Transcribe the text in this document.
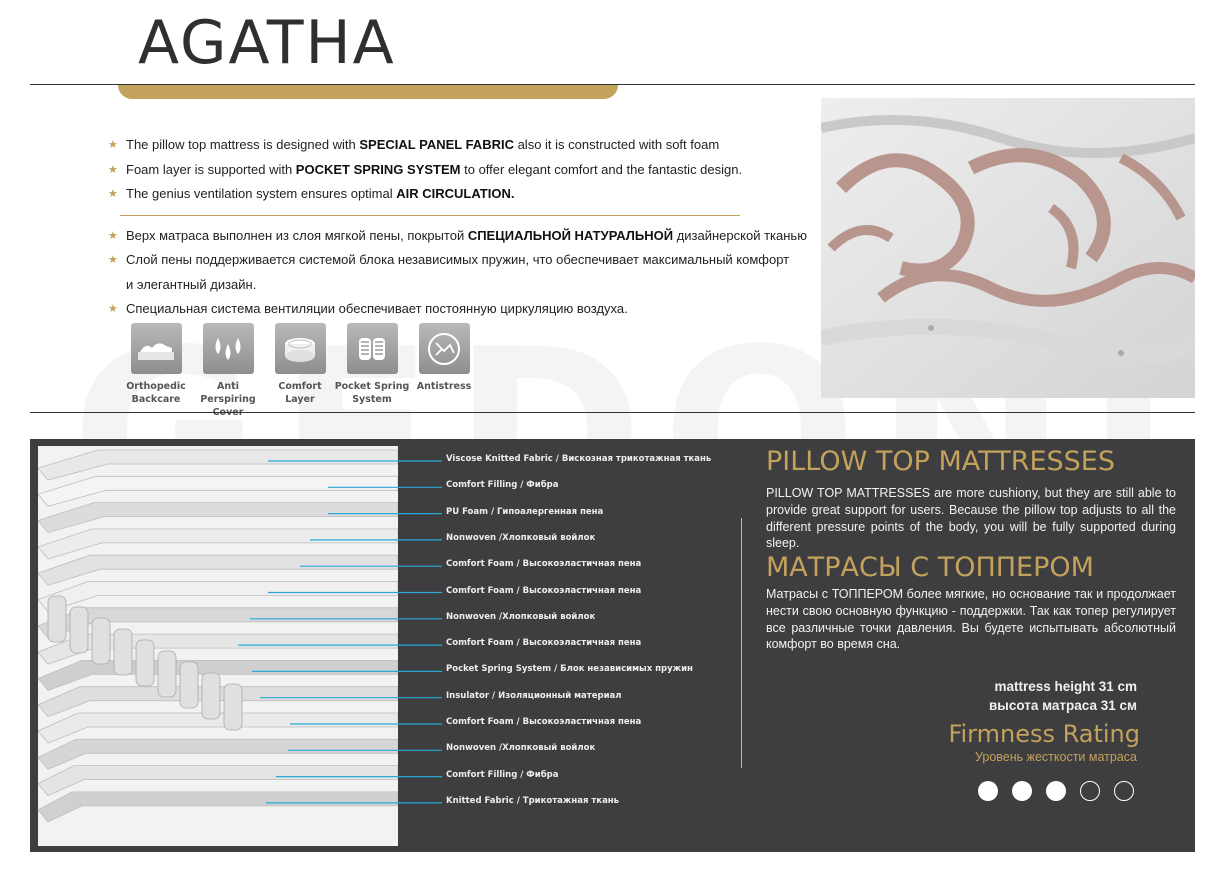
AGATHA
★ The pillow top mattress is designed with SPECIAL PANEL FABRIC also it is constructed with soft foam
★ Foam layer is supported with POCKET SPRING SYSTEM to offer elegant comfort and the fantastic design.
★ The genius ventilation system ensures optimal AIR CIRCULATION.
★ Верх матраса выполнен из слоя мягкой пены, покрытой СПЕЦИАЛЬНОЙ НАТУРАЛЬНОЙ дизайнерской тканью
★ Слой пены поддерживается системой блока независимых пружин, что обеспечивает максимальный комфорт
и элегантный дизайн.
★ Специальная система вентиляции обеспечивает постоянную циркуляцию воздуха.
Orthopedic
Backcare
Anti Perspiring

Comfort
Layer
Pocket Spring
System
Antistress
Viscose Knitted Fabric / Вискозная трикотажная ткань
Comfort Filling / Фибра
PU Foam / Гипоалергенная пена
Nonwoven /Хлопковый войлок
Comfort Foam / Высокоэластичная пена
Comfort Foam / Высокоэластичная пена
Nonwoven /Хлопковый войлок
Comfort Foam / Высокоэластичная пена
Pocket Spring System / Блок независимых пружин
Insulator / Изоляционный материал
Comfort Foam / Высокоэластичная пена
Nonwoven /Хлопковый войлок
Comfort Filling / Фибра
Knitted Fabric / Трикотажная ткань
PILLOW TOP MATTRESSES
PILLOW TOP MATTRESSES are more cushiony, but they are still able to provide great support for users. Because the pillow top adjusts to all the different pressure points of the body, you will be fully supported during sleep.
МАТРАСЫ С ТОППЕРОМ
Матрасы с ТОППЕРОМ более мягкие, но основание так и продолжает нести свою основную функцию - поддержки. Так как топер регулирует все различные точки давления. Вы будете испытывать абсолютный комфорт во время сна.
mattress height 31 cm
высота матраса 31 см
Firmness Rating
Уровень жесткости матраса
